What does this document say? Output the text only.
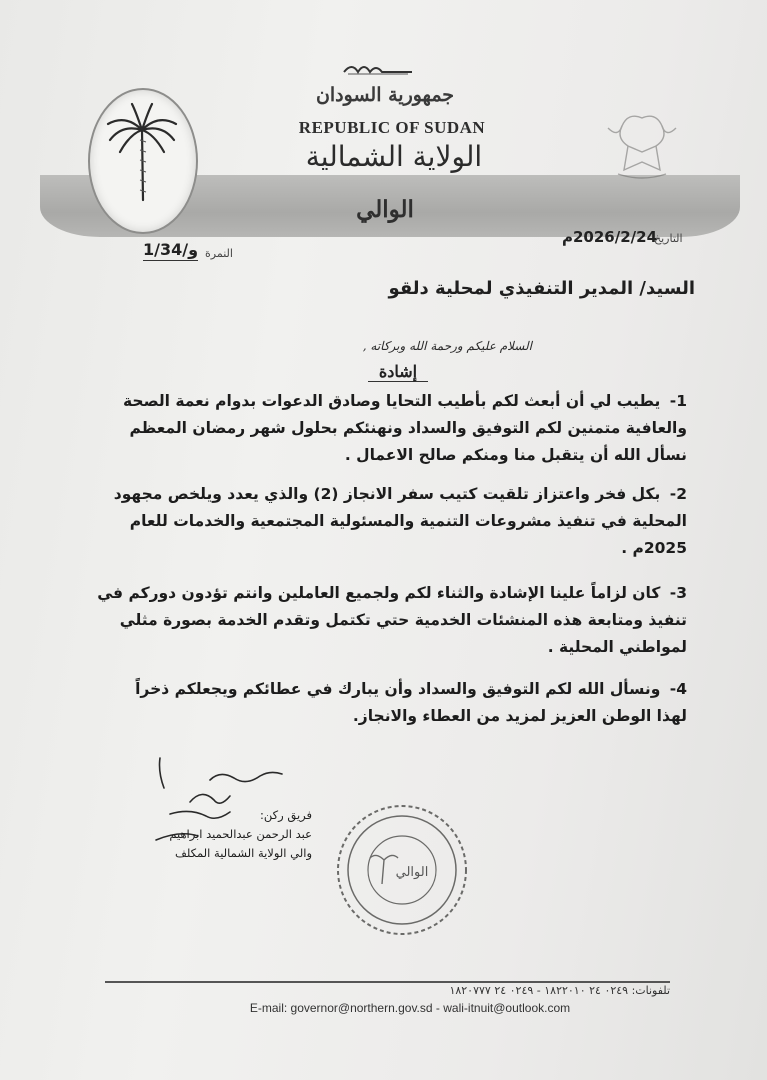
جمهورية السودان
REPUBLIC OF SUDAN
الولاية الشمالية
الوالي
التاريخ
2026/2/24م
1/و/34 النمرة
السيد/ المدير التنفيذي لمحلية دلقو
السلام عليكم ورحمة الله وبركاته ,
إشادة
1- يطيب لي أن أبعث لكم بأطيب التحايا وصادق الدعوات بدوام نعمة الصحة
والعافية متمنين لكم التوفيق والسداد ونهنئكم بحلول شهر رمضان المعظم
نسأل الله أن يتقبل منا ومنكم صالح الاعمال .
2- بكل فخر واعتزاز تلقيت كتيب سفر الانجاز (2) والذي يعدد ويلخص مجهود
المحلية في تنفيذ مشروعات التنمية والمسئولية المجتمعية والخدمات للعام
2025م .
3- كان لزاماً علينا الإشادة والثناء لكم ولجميع العاملين وانتم تؤدون دوركم في
تنفيذ ومتابعة هذه المنشئات الخدمية حتي تكتمل وتقدم الخدمة بصورة مثلي
لمواطني المحلية .
4- ونسأل الله لكم التوفيق والسداد وأن يبارك في عطائكم ويجعلكم ذخراً
لهذا الوطن العزيز لمزيد من العطاء والانجاز.
فريق ركن:
عبد الرحمن عبدالحميد ابراهيم
والي الولاية الشمالية المكلف
الوالي
تلفونات: ٠٢٤٩ ٢٤ ١٨٢٢٠١٠ - ٠٢٤٩ ٢٤ ١٨٢٠٧٧٧
E-mail: governor@northern.gov.sd - wali-itnuit@outlook.com
